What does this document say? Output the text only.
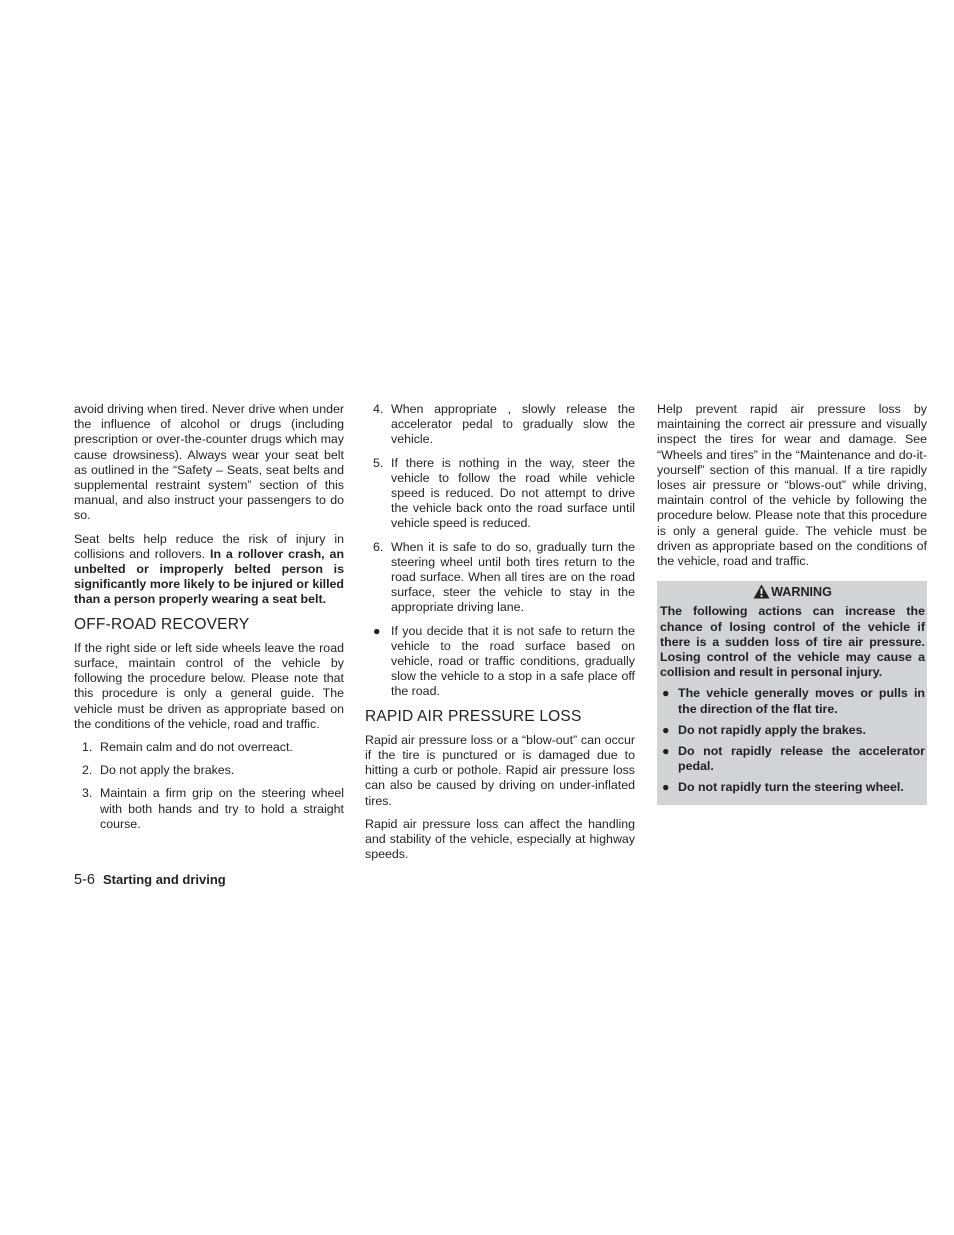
avoid driving when tired. Never drive when under the influence of alcohol or drugs (including prescription or over-the-counter drugs which may cause drowsiness). Always wear your seat belt as outlined in the “Safety – Seats, seat belts and supplemental restraint system” section of this manual, and also instruct your passengers to do so.

Seat belts help reduce the risk of injury in collisions and rollovers. In a rollover crash, an unbelted or improperly belted person is significantly more likely to be injured or killed than a person properly wearing a seat belt.

OFF-ROAD RECOVERY

If the right side or left side wheels leave the road surface, maintain control of the vehicle by following the procedure below. Please note that this procedure is only a general guide. The vehicle must be driven as appropriate based on the conditions of the vehicle, road and traffic.

1. Remain calm and do not overreact.
2. Do not apply the brakes.
3. Maintain a firm grip on the steering wheel with both hands and try to hold a straight course.
4. When appropriate , slowly release the accelerator pedal to gradually slow the vehicle.
5. If there is nothing in the way, steer the vehicle to follow the road while vehicle speed is reduced. Do not attempt to drive the vehicle back onto the road surface until vehicle speed is reduced.
6. When it is safe to do so, gradually turn the steering wheel until both tires return to the road surface. When all tires are on the road surface, steer the vehicle to stay in the appropriate driving lane.
● If you decide that it is not safe to return the vehicle to the road surface based on vehicle, road or traffic conditions, gradually slow the vehicle to a stop in a safe place off the road.
RAPID AIR PRESSURE LOSS

Rapid air pressure loss or a “blow-out” can occur if the tire is punctured or is damaged due to hitting a curb or pothole. Rapid air pressure loss can also be caused by driving on under-inflated tires.

Rapid air pressure loss can affect the handling and stability of the vehicle, especially at highway speeds.

Help prevent rapid air pressure loss by maintaining the correct air pressure and visually inspect the tires for wear and damage. See “Wheels and tires” in the “Maintenance and do-it-yourself” section of this manual. If a tire rapidly loses air pressure or “blows-out” while driving, maintain control of the vehicle by following the procedure below. Please note that this procedure is only a general guide. The vehicle must be driven as appropriate based on the conditions of the vehicle, road and traffic.

WARNING

The following actions can increase the chance of losing control of the vehicle if there is a sudden loss of tire air pressure. Losing control of the vehicle may cause a collision and result in personal injury.

● The vehicle generally moves or pulls in the direction of the flat tire.
● Do not rapidly apply the brakes.
● Do not rapidly release the accelerator pedal.
● Do not rapidly turn the steering wheel.
5-6 Starting and driving
